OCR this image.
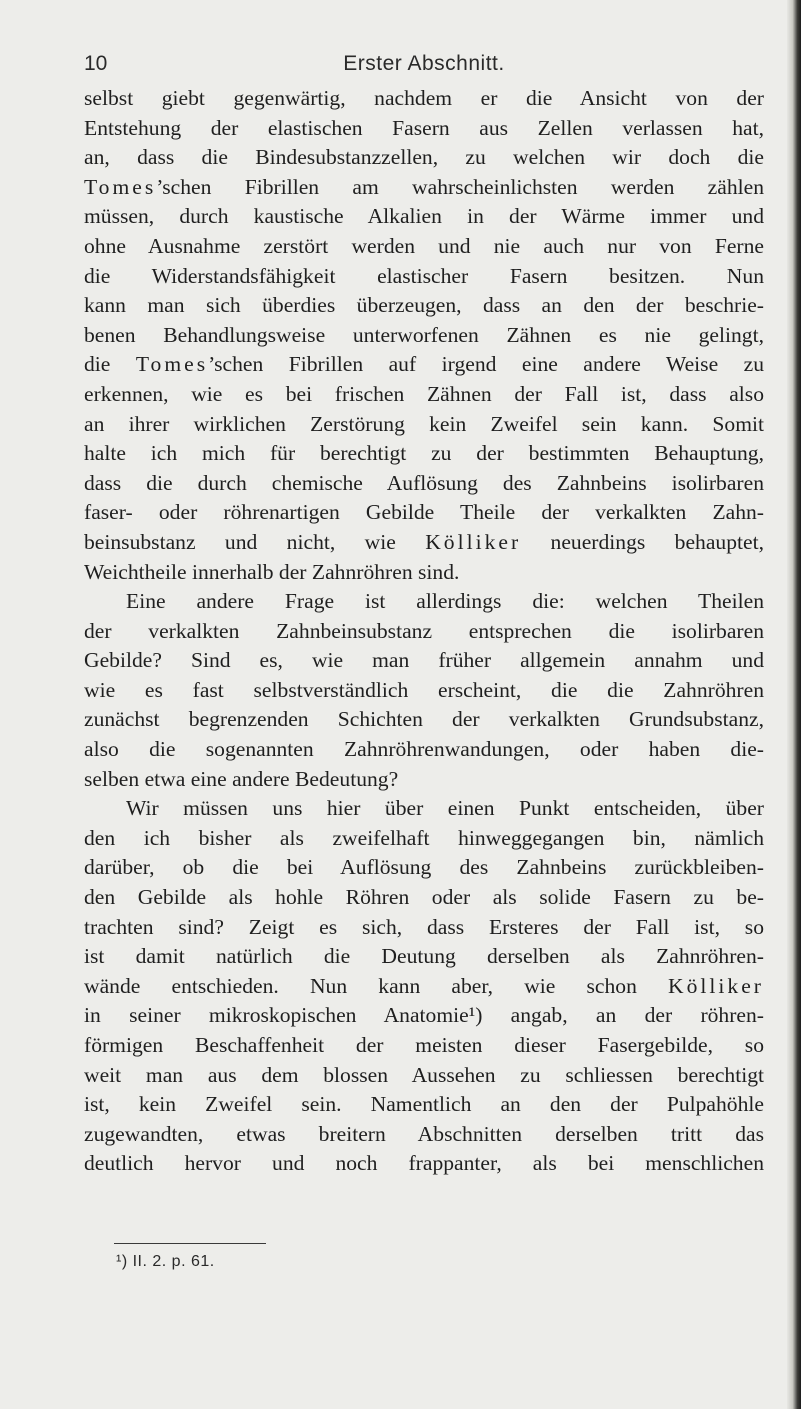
10	Erster Abschnitt.
selbst giebt gegenwärtig, nachdem er die Ansicht von der
Entstehung der elastischen Fasern aus Zellen verlassen hat,
an, dass die Bindesubstanzzellen, zu welchen wir doch die
Tomes’schen Fibrillen am wahrscheinlichsten werden zählen
müssen, durch kaustische Alkalien in der Wärme immer und
ohne Ausnahme zerstört werden und nie auch nur von Ferne
die Widerstandsfähigkeit elastischer Fasern besitzen. Nun
kann man sich überdies überzeugen, dass an den der beschrie-
benen Behandlungsweise unterworfenen Zähnen es nie gelingt,
die Tomes’schen Fibrillen auf irgend eine andere Weise zu
erkennen, wie es bei frischen Zähnen der Fall ist, dass also
an ihrer wirklichen Zerstörung kein Zweifel sein kann. Somit
halte ich mich für berechtigt zu der bestimmten Behauptung,
dass die durch chemische Auflösung des Zahnbeins isolirbaren
faser- oder röhrenartigen Gebilde Theile der verkalkten Zahn-
beinsubstanz und nicht, wie Kölliker neuerdings behauptet,
Weichtheile innerhalb der Zahnröhren sind.
Eine andere Frage ist allerdings die: welchen Theilen
der verkalkten Zahnbeinsubstanz entsprechen die isolirbaren
Gebilde? Sind es, wie man früher allgemein annahm und
wie es fast selbstverständlich erscheint, die die Zahnröhren
zunächst begrenzenden Schichten der verkalkten Grundsubstanz,
also die sogenannten Zahnröhrenwandungen, oder haben die-
selben etwa eine andere Bedeutung?
Wir müssen uns hier über einen Punkt entscheiden, über
den ich bisher als zweifelhaft hinweggegangen bin, nämlich
darüber, ob die bei Auflösung des Zahnbeins zurückbleiben-
den Gebilde als hohle Röhren oder als solide Fasern zu be-
trachten sind? Zeigt es sich, dass Ersteres der Fall ist, so
ist damit natürlich die Deutung derselben als Zahnröhren-
wände entschieden. Nun kann aber, wie schon Kölliker
in seiner mikroskopischen Anatomie¹) angab, an der röhren-
förmigen Beschaffenheit der meisten dieser Fasergebilde, so
weit man aus dem blossen Aussehen zu schliessen berechtigt
ist, kein Zweifel sein. Namentlich an den der Pulpahöhle
zugewandten, etwas breitern Abschnitten derselben tritt das
deutlich hervor und noch frappanter, als bei menschlichen
¹) II. 2. p. 61.
